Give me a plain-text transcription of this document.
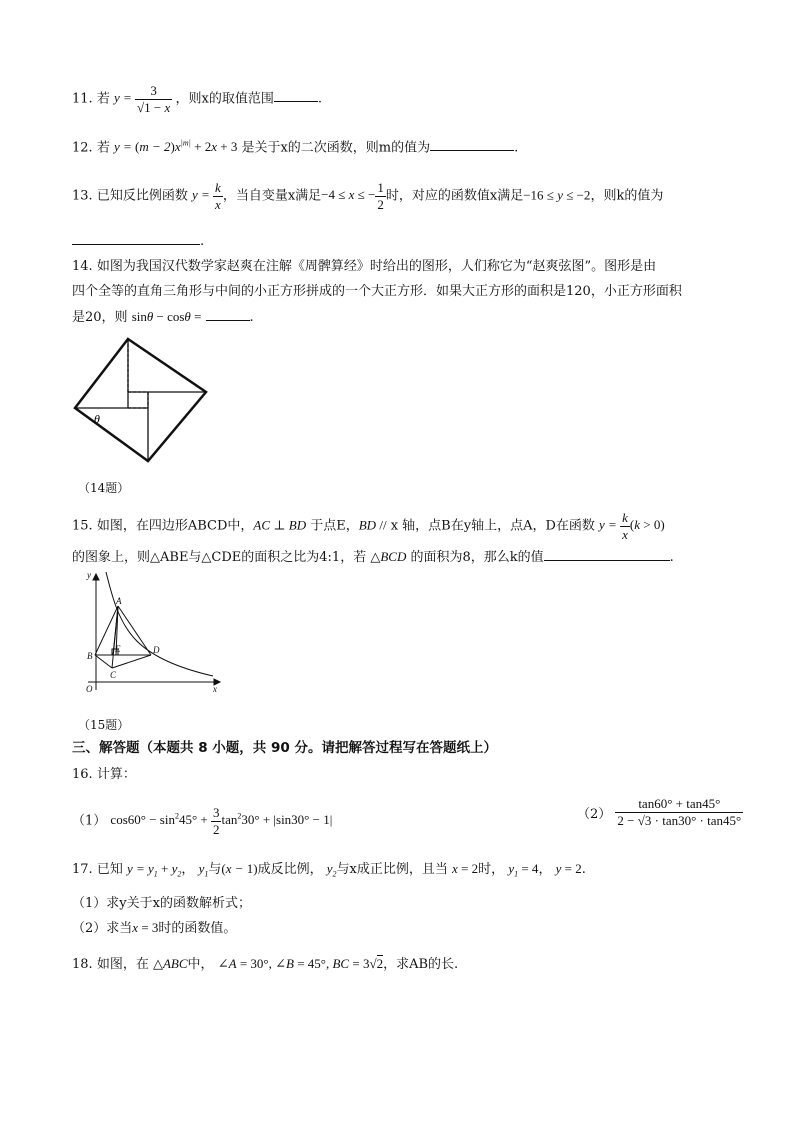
11. 若 $y = \frac{3}{√1 - x}$ ，则x的取值范围	.
12. 若 $y = (m - 2)x^{|m|} + 2x + 3$ 是关于x的二次函数，则m的值为	.
13. 已知反比例函数 $y = \frac{k}{x}$ ，当自变量x满足−4 ≤ x ≤ − $\frac{1}{2}$ 时，对应的函数值x满足−16 ≤ y ≤ −2，则k的值为
.
14. 如图为我国汉代数学家赵爽在注解《周髀算经》时给出的图形，人们称它为“赵爽弦图”。图形是由
四个全等的直角三角形与中间的小正方形拼成的一个大正方形．如果大正方形的面积是120，小正方形面积
是20，则 sinθ − cosθ =	.
θ
（14题）
15. 如图，在四边形ABCD中，AC ⊥ BD 于点E，BD // x 轴，点B在y轴上，点A，D在函数 $y = \frac{k}{x} (k > 0)$
的图象上，则△ABE与△CDE的面积之比为4:1，若 △BCD 的面积为8，那么k的值	.
y
x
O
A
B
C
D
E
（15题）
三、解答题（本题共 8 小题，共 90 分。请把解答过程写在答题纸上）
16. 计算：
（1） $\cos 60^\circ - \sin^245^\circ + \frac{3}{2} \tan^230^\circ + |\sin 30^\circ - 1|$	$(2) \frac{\tan 60^\circ + \tan 45^\circ}{2 - √3 \cdot \tan 30^\circ \cdot \tan 45^\circ}$
17. 已知 $y = y_1 + y_2$， $y_1$与(x − 1)成反比例， $y_2$与x成正比例，且当 x = 2时， $y_1 = 4$， y = 2.
（1）求y关于x的函数解析式；
（2）求当x = 3时的函数值。
18. 如图，在 △ABC中， ∠A = 30°, ∠B = 45°, BC = 3√2，求AB的长.
